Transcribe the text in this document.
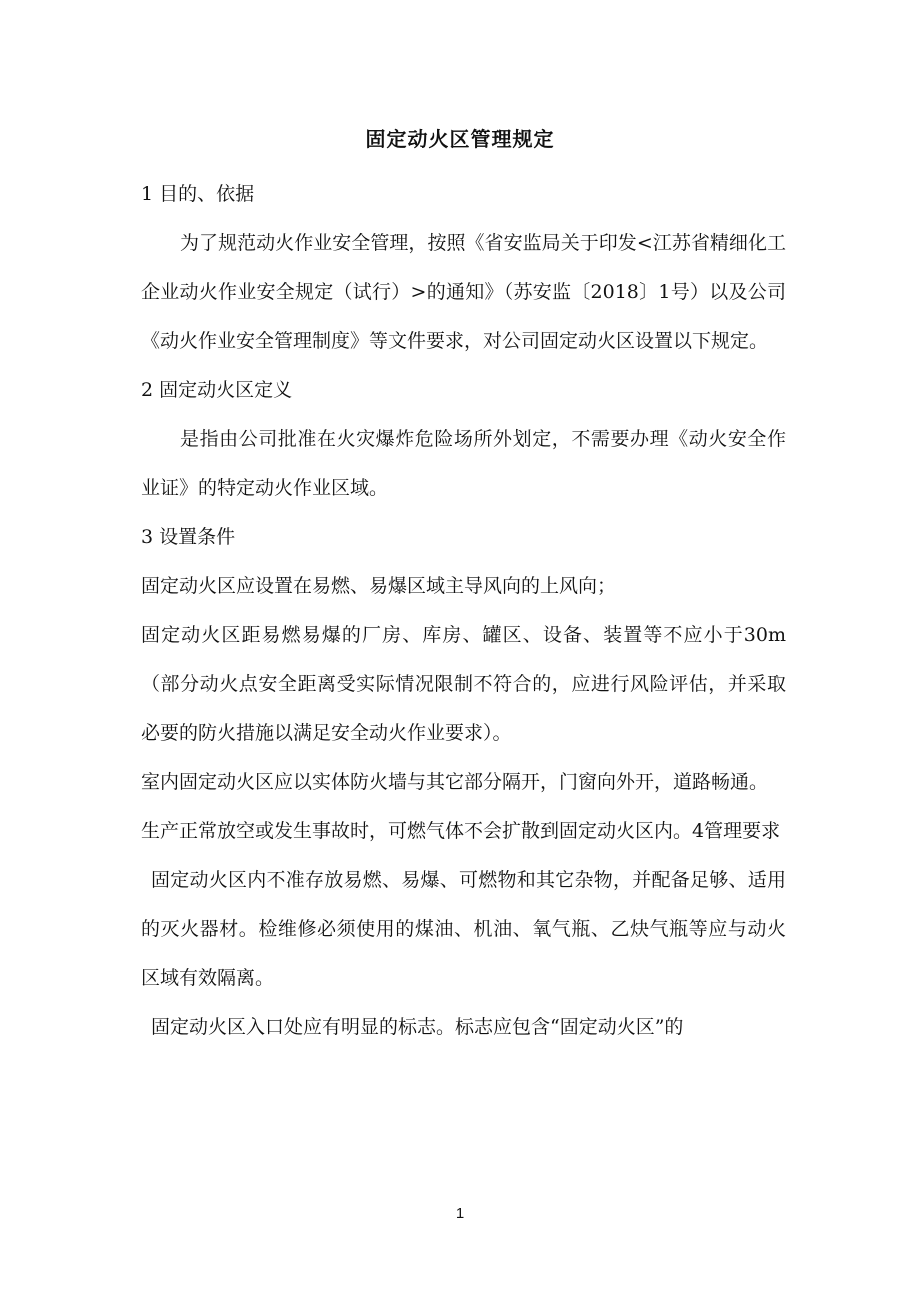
固定动火区管理规定

1 目的、依据

为了规范动火作业安全管理，按照《省安监局关于印发<江苏省精细化工企业动火作业安全规定（试行）>的通知》（苏安监〔2018〕1号）以及公司《动火作业安全管理制度》等文件要求，对公司固定动火区设置以下规定。

2 固定动火区定义

是指由公司批准在火灾爆炸危险场所外划定，不需要办理《动火安全作业证》的特定动火作业区域。

3 设置条件

固定动火区应设置在易燃、易爆区域主导风向的上风向；

固定动火区距易燃易爆的厂房、库房、罐区、设备、装置等不应小于30m（部分动火点安全距离受实际情况限制不符合的，应进行风险评估，并采取必要的防火措施以满足安全动火作业要求）。

室内固定动火区应以实体防火墙与其它部分隔开，门窗向外开，道路畅通。

生产正常放空或发生事故时，可燃气体不会扩散到固定动火区内。4管理要求

固定动火区内不准存放易燃、易爆、可燃物和其它杂物，并配备足够、适用的灭火器材。检维修必须使用的煤油、机油、氧气瓶、乙炔气瓶等应与动火区域有效隔离。

固定动火区入口处应有明显的标志。标志应包含“固定动火区”的

1
